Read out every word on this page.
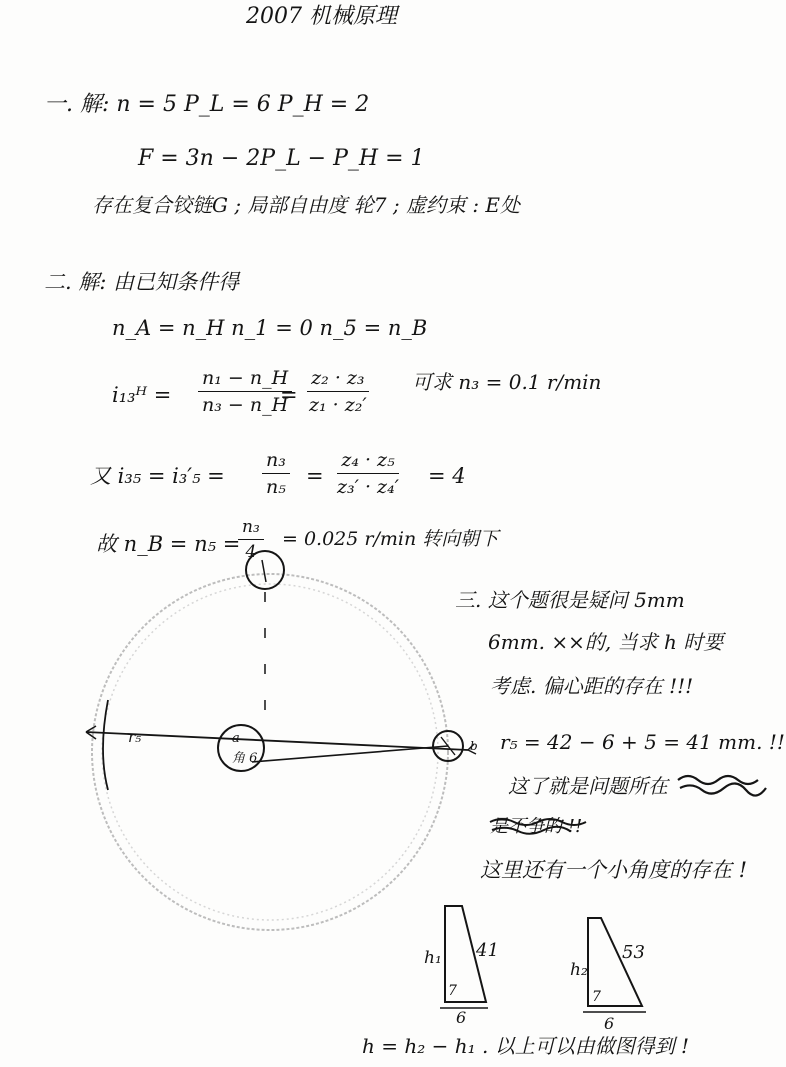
2007 机械原理
一. 解: n = 5 P_L = 6 P_H = 2
F = 3n − 2P_L − P_H = 1
存在复合铰链G ; 局部自由度 轮7 ; 虚约束 : E处
二. 解: 由已知条件得
n_A = n_H n_1 = 0 n_5 = n_B
i₁₃ᴴ = $\frac{\text{n₁ − n\_H}}{\text{n₃ − n\_H}}$
= $\frac{\text{z₂ · z₃}}{\text{z₁ · z₂′}}$ 可求 n₃ = 0.1 r/min
又 $i_{35} = i_3'_5 = \frac{\text{n₃}}{\text{n₅}} = \frac{\text{z₄ · z₅}}{\text{z₃′ · z₄′}} = 4$
故 n_B = n₅ =
$\frac{\text{n₃}}{4} = 0.025$ r/min 转向朝下
r₅
角 6
a	b
三. 这个题很是疑问 5mm
6mm. ××的, 当求 h 时要
考虑. 偏心距的存在 !!!
r₅ = 42 − 6 + 5 = 41 mm. !!
这了就是问题所在
是不争的 !!
这里还有一个小角度的存在 !
h₁ 41
7
6
h₂
53
7
6
h = h₂ − h₁ . 以上可以由做图得到 !
